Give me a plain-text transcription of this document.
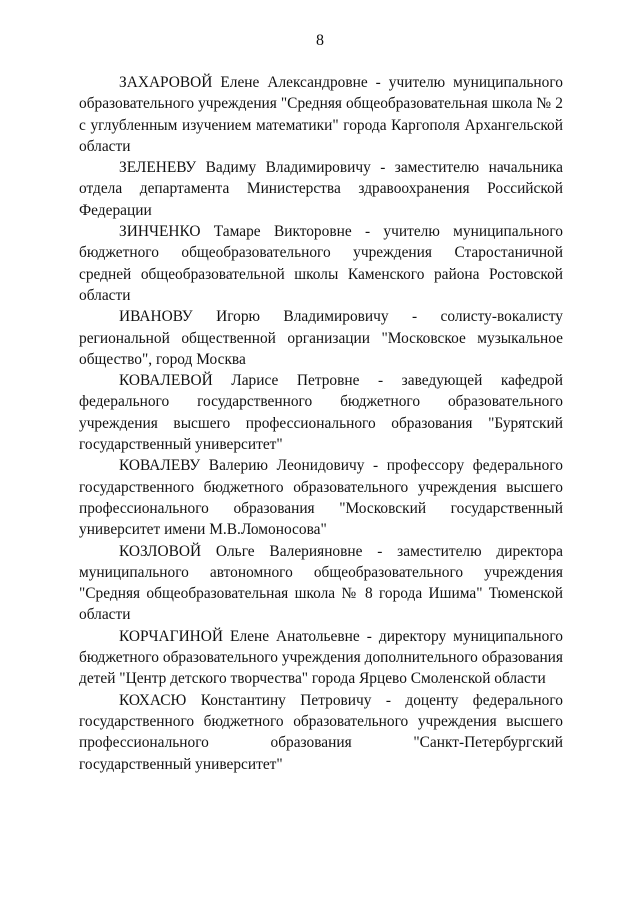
8

ЗАХАРОВОЙ Елене Александровне - учителю муниципального образовательного учреждения "Средняя общеобразовательная школа № 2 с углубленным изучением математики" города Каргополя Архангельской области

ЗЕЛЕНЕВУ Вадиму Владимировичу - заместителю начальника отдела департамента Министерства здравоохранения Российской Федерации

ЗИНЧЕНКО Тамаре Викторовне - учителю муниципального бюджетного общеобразовательного учреждения Старостаничной средней общеобразовательной школы Каменского района Ростовской области

ИВАНОВУ Игорю Владимировичу - солисту-вокалисту региональной общественной организации "Московское музыкальное общество", город Москва

КОВАЛЕВОЙ Ларисе Петровне - заведующей кафедрой федерального государственного бюджетного образовательного учреждения высшего профессионального образования "Бурятский государственный университет"

КОВАЛЕВУ Валерию Леонидовичу - профессору федерального государственного бюджетного образовательного учреждения высшего профессионального образования "Московский государственный университет имени М.В.Ломоносова"

КОЗЛОВОЙ Ольге Валерияновне - заместителю директора муниципального автономного общеобразовательного учреждения "Средняя общеобразовательная школа № 8 города Ишима" Тюменской области

КОРЧАГИНОЙ Елене Анатольевне - директору муниципального бюджетного образовательного учреждения дополнительного образования детей "Центр детского творчества" города Ярцево Смоленской области

КОХАСЮ Константину Петровичу - доценту федерального государственного бюджетного образовательного учреждения высшего профессионального образования "Санкт-Петербургский государственный университет"
